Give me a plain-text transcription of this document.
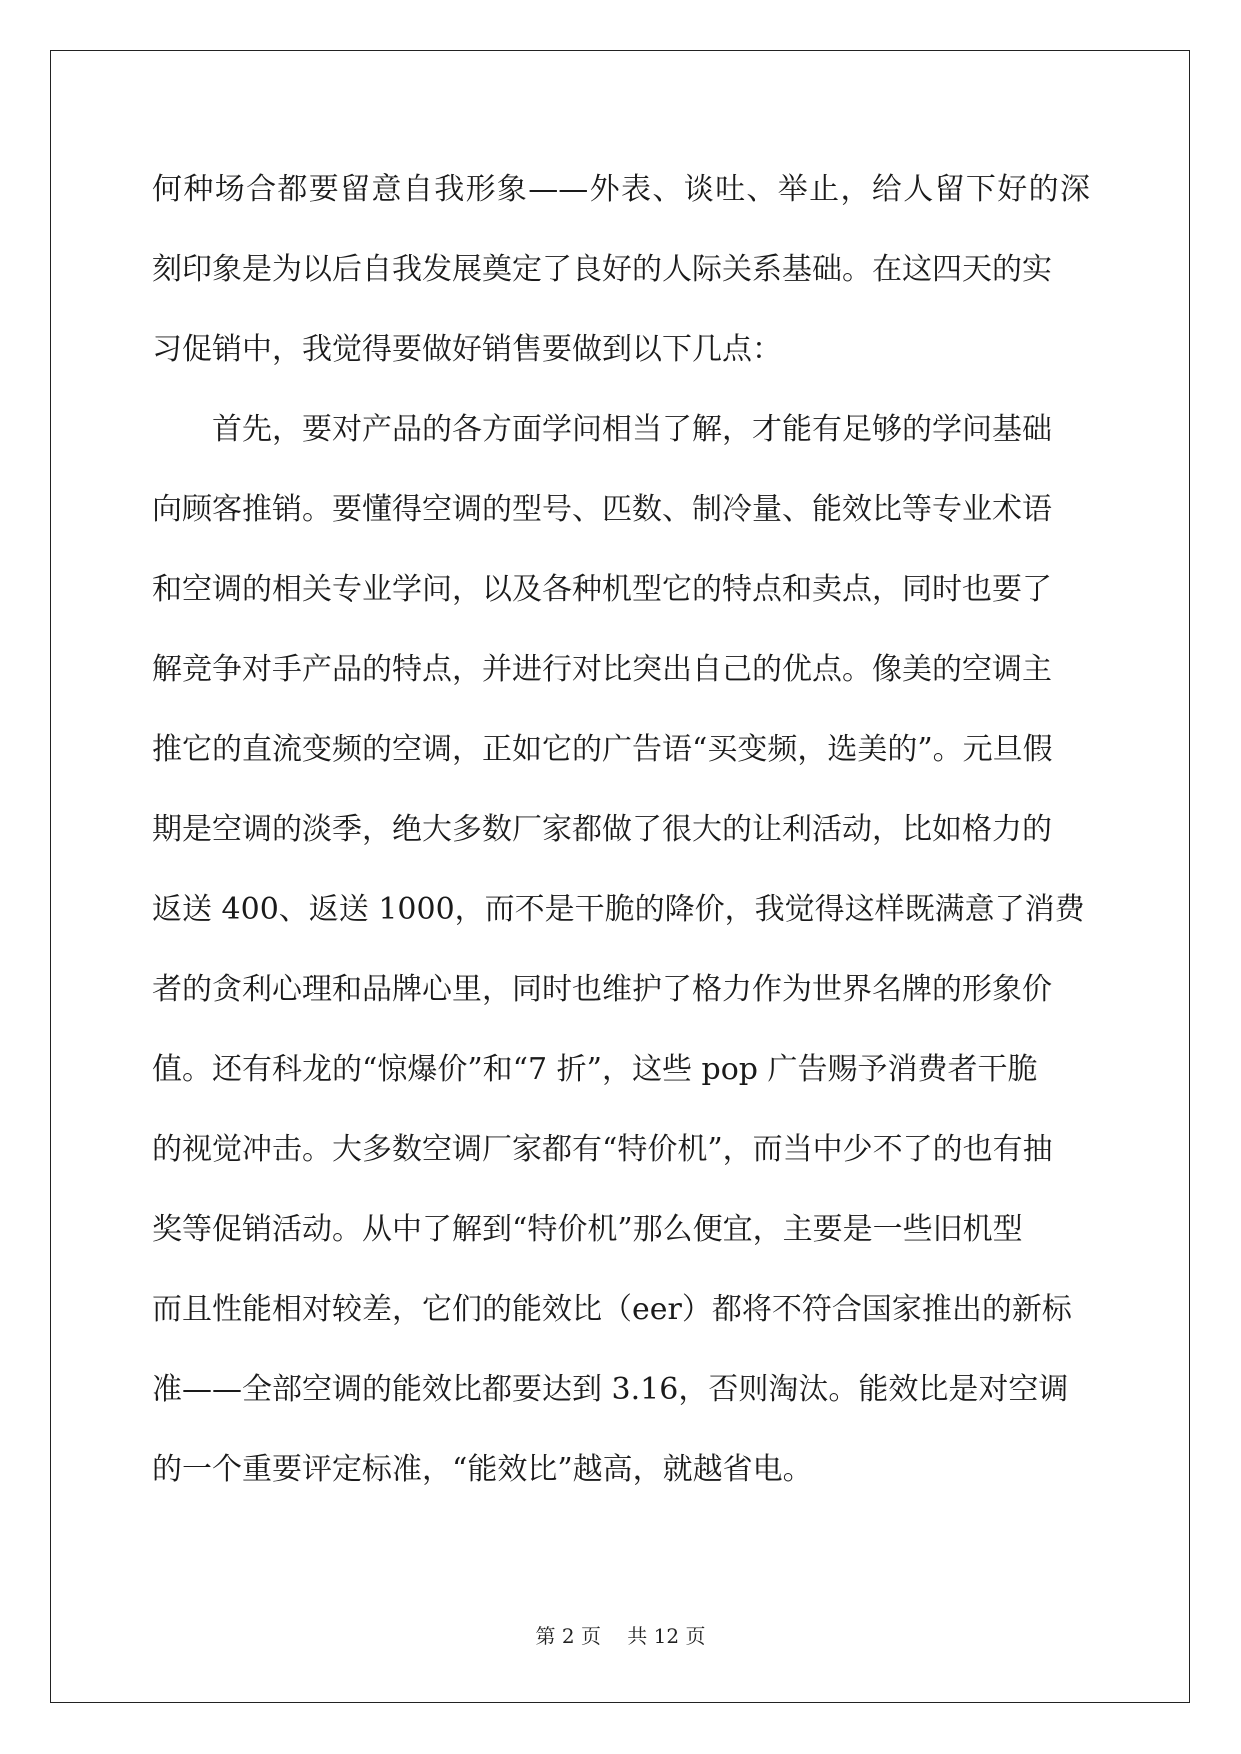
何种场合都要留意自我形象——外表、谈吐、举止，给人留下好的深
刻印象是为以后自我发展奠定了良好的人际关系基础。在这四天的实
习促销中，我觉得要做好销售要做到以下几点：
　　首先，要对产品的各方面学问相当了解，才能有足够的学问基础
向顾客推销。要懂得空调的型号、匹数、制冷量、能效比等专业术语
和空调的相关专业学问，以及各种机型它的特点和卖点，同时也要了
解竞争对手产品的特点，并进行对比突出自己的优点。像美的空调主
推它的直流变频的空调，正如它的广告语“买变频，选美的”。元旦假
期是空调的淡季，绝大多数厂家都做了很大的让利活动，比如格力的
返送 400、返送 1000，而不是干脆的降价，我觉得这样既满意了消费
者的贪利心理和品牌心里，同时也维护了格力作为世界名牌的形象价
值。还有科龙的“惊爆价”和“7 折”，这些 pop 广告赐予消费者干脆
的视觉冲击。大多数空调厂家都有“特价机”，而当中少不了的也有抽
奖等促销活动。从中了解到“特价机”那么便宜，主要是一些旧机型
而且性能相对较差，它们的能效比（eer）都将不符合国家推出的新标
准——全部空调的能效比都要达到 3.16，否则淘汰。能效比是对空调
的一个重要评定标准，“能效比”越高，就越省电。
第 2 页　 共 12 页
